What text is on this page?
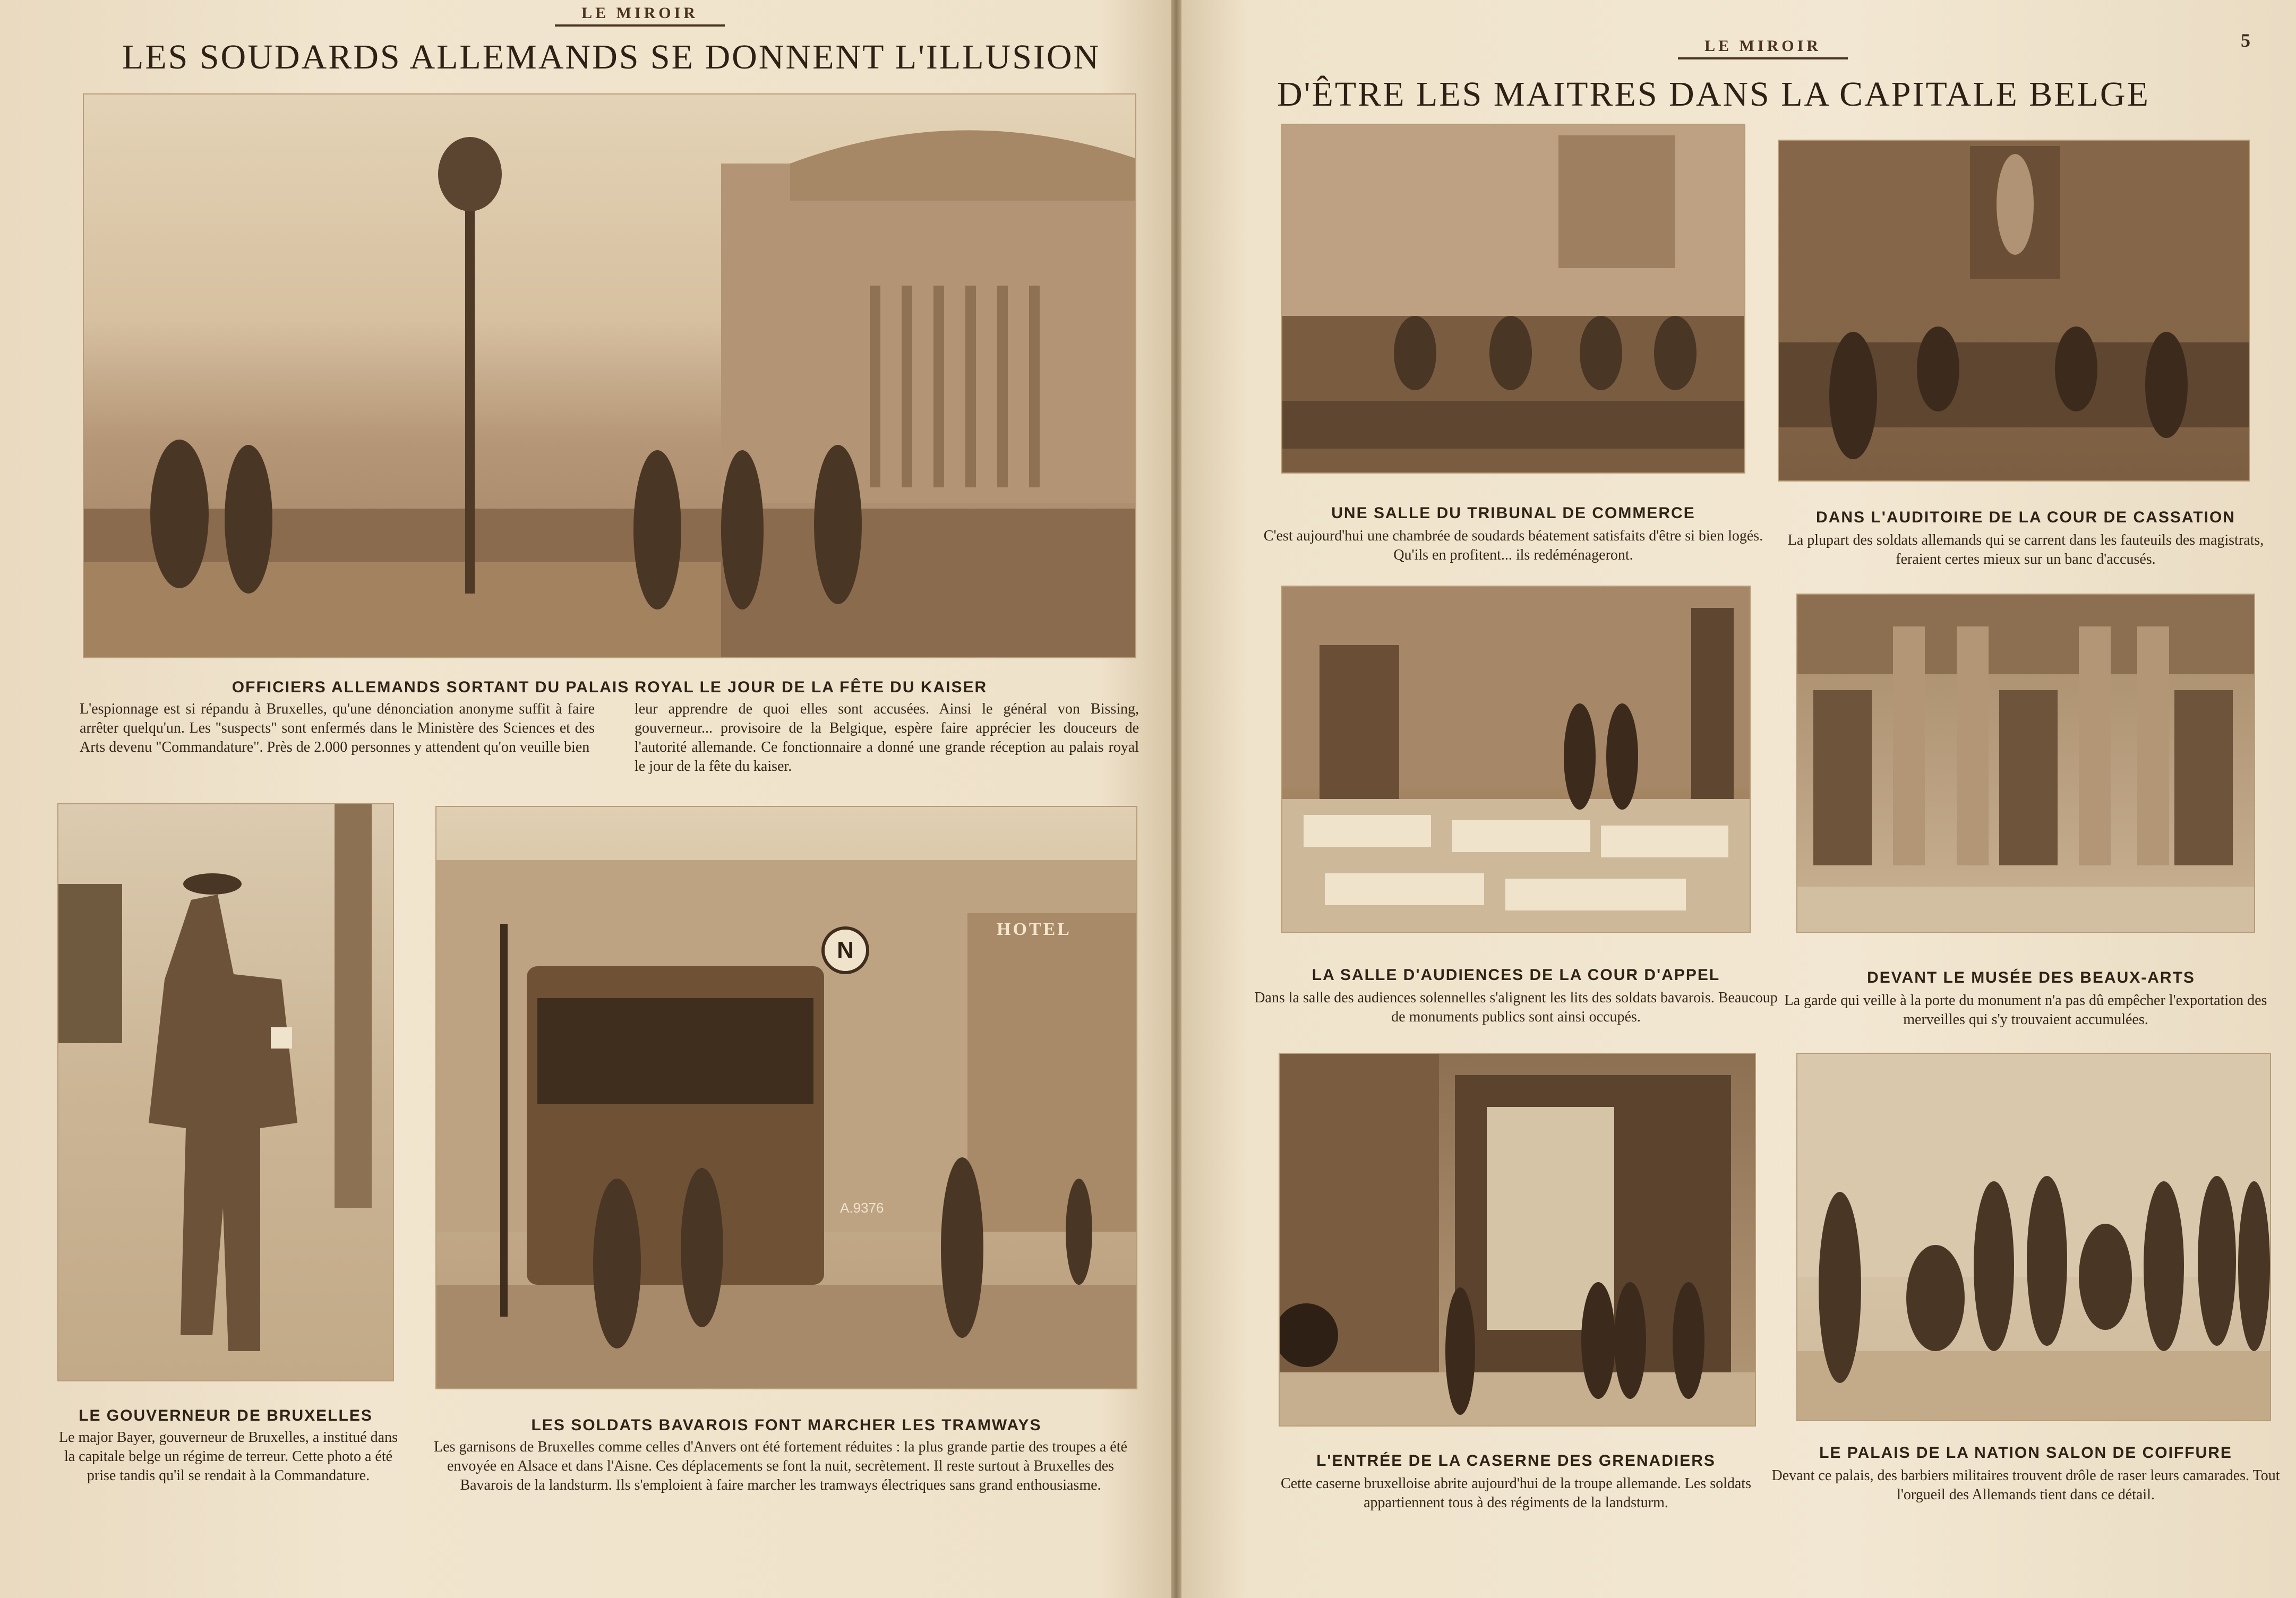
LE MIROIR
LES SOUDARDS ALLEMANDS SE DONNENT L'ILLUSION
OFFICIERS ALLEMANDS SORTANT DU PALAIS ROYAL LE JOUR DE LA FÊTE DU KAISER
L'espionnage est si répandu à Bruxelles, qu'une dénonciation anonyme suffit à faire arrêter quelqu'un. Les "suspects" sont enfermés dans le Ministère des Sciences et des Arts devenu "Commandature". Près de 2.000 personnes y attendent qu'on veuille bien
leur apprendre de quoi elles sont accusées. Ainsi le général von Bissing, gouverneur... provisoire de la Belgique, espère faire apprécier les douceurs de l'autorité allemande. Ce fonctionnaire a donné une grande réception au palais royal le jour de la fête du kaiser.
LE GOUVERNEUR DE BRUXELLES
Le major Bayer, gouverneur de Bruxelles, a institué dans la capitale belge un régime de terreur. Cette photo a été prise tandis qu'il se rendait à la Commandature.
HOTEL
N
A.9376
LES SOLDATS BAVAROIS FONT MARCHER LES TRAMWAYS
Les garnisons de Bruxelles comme celles d'Anvers ont été fortement réduites : la plus grande partie des troupes a été envoyée en Alsace et dans l'Aisne. Ces déplacements se font la nuit, secrètement. Il reste surtout à Bruxelles des Bavarois de la landsturm. Ils s'emploient à faire marcher les tramways électriques sans grand enthousiasme.
LE MIROIR	5
D'ÊTRE LES MAITRES DANS LA CAPITALE BELGE
UNE SALLE DU TRIBUNAL DE COMMERCE
C'est aujourd'hui une chambrée de soudards béatement satisfaits d'être si bien logés. Qu'ils en profitent... ils redéménageront.
DANS L'AUDITOIRE DE LA COUR DE CASSATION
La plupart des soldats allemands qui se carrent dans les fauteuils des magistrats, feraient certes mieux sur un banc d'accusés.
LA SALLE D'AUDIENCES DE LA COUR D'APPEL
Dans la salle des audiences solennelles s'alignent les lits des soldats bavarois. Beaucoup de monuments publics sont ainsi occupés.
DEVANT LE MUSÉE DES BEAUX-ARTS
La garde qui veille à la porte du monument n'a pas dû empêcher l'exportation des merveilles qui s'y trouvaient accumulées.
L'ENTRÉE DE LA CASERNE DES GRENADIERS
Cette caserne bruxelloise abrite aujourd'hui de la troupe allemande. Les soldats appartiennent tous à des régiments de la landsturm.
LE PALAIS DE LA NATION SALON DE COIFFURE
Devant ce palais, des barbiers militaires trouvent drôle de raser leurs camarades. Tout l'orgueil des Allemands tient dans ce détail.
